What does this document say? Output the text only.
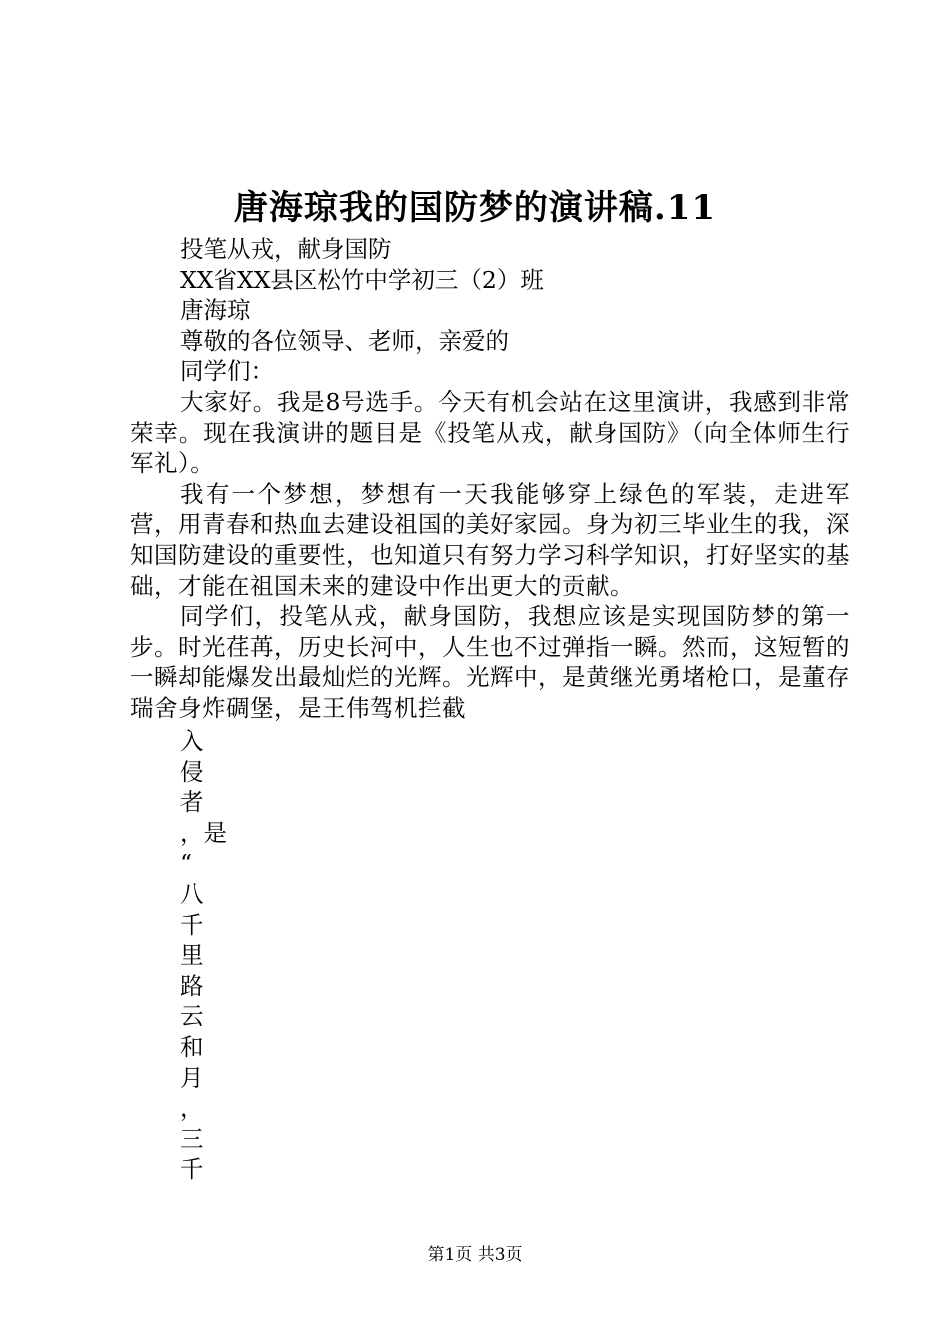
唐海琼我的国防梦的演讲稿.11
投笔从戎，献身国防
XX省XX县区松竹中学初三（2）班
唐海琼
尊敬的各位领导、老师，亲爱的
同学们：

大家好。我是8号选手。今天有机会站在这里演讲，我感到非常荣幸。现在我演讲的题目是《投笔从戎，献身国防》（向全体师生行军礼）。

我有一个梦想，梦想有一天我能够穿上绿色的军装，走进军营，用青春和热血去建设祖国的美好家园。身为初三毕业生的我，深知国防建设的重要性，也知道只有努力学习科学知识，打好坚实的基础，才能在祖国未来的建设中作出更大的贡献。

同学们，投笔从戎，献身国防，我想应该是实现国防梦的第一步。时光荏苒，历史长河中，人生也不过弹指一瞬。然而，这短暂的一瞬却能爆发出最灿烂的光辉。光辉中，是黄继光勇堵枪口，是董存瑞舍身炸碉堡，是王伟驾机拦截

入
侵
者
，是
“
八
千
里
路
云
和
月
，
三
千
第1页 共3页
